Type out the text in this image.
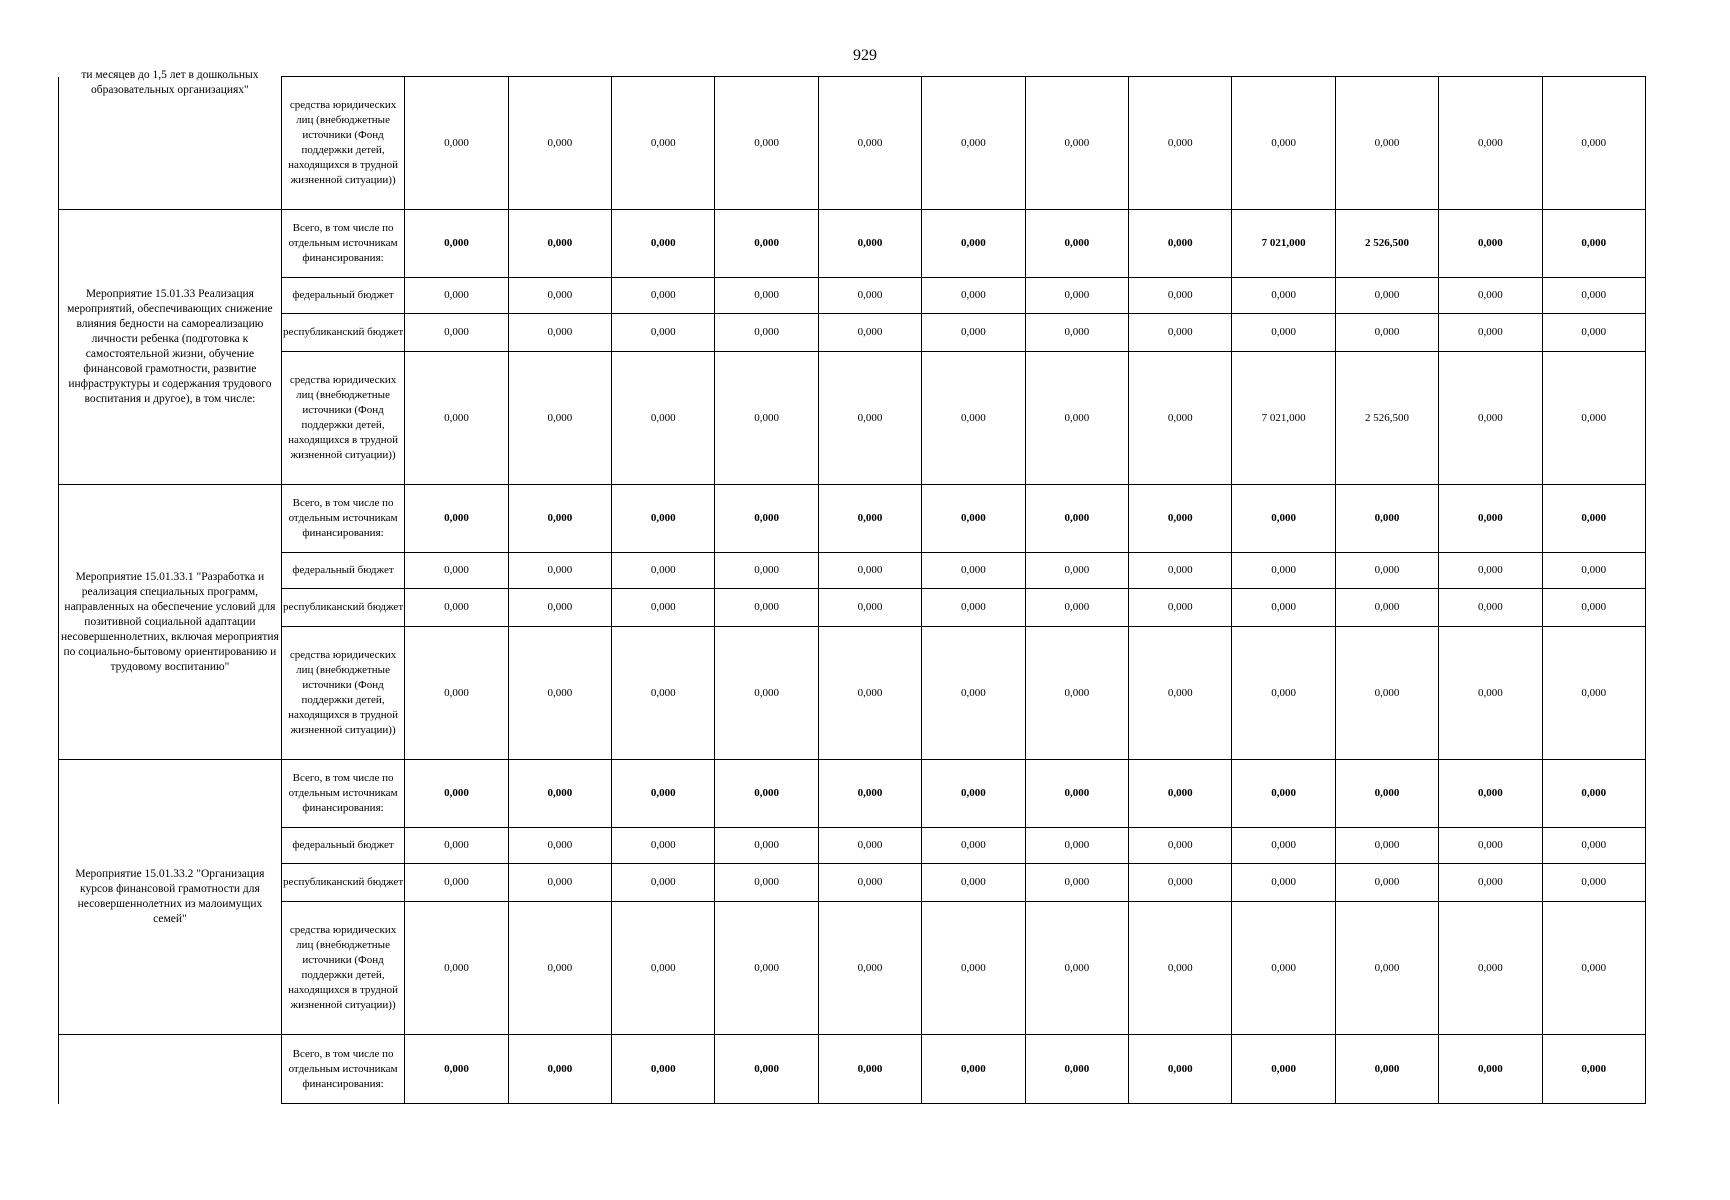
929
ти месяцев до 1,5 лет в дошкольных образовательных организациях"	средства юридических лиц (внебюджетные источники (Фонд поддержки детей, находящихся в трудной жизненной ситуации))	0,000	0,000	0,000	0,000	0,000	0,000	0,000	0,000	0,000	0,000	0,000	0,000
Мероприятие 15.01.33 Реализация мероприятий, обеспечивающих снижение влияния бедности на самореализацию личности ребенка (подготовка к самостоятельной жизни, обучение финансовой грамотности, развитие инфраструктуры и содержания трудового воспитания и другое), в том числе:	Всего, в том числе по отдельным источникам финансирования:	0,000	0,000	0,000	0,000	0,000	0,000	0,000	0,000	7 021,000	2 526,500	0,000	0,000
	федеральный бюджет	0,000	0,000	0,000	0,000	0,000	0,000	0,000	0,000	0,000	0,000	0,000	0,000
	республиканский бюджет	0,000	0,000	0,000	0,000	0,000	0,000	0,000	0,000	0,000	0,000	0,000	0,000
	средства юридических лиц (внебюджетные источники (Фонд поддержки детей, находящихся в трудной жизненной ситуации))	0,000	0,000	0,000	0,000	0,000	0,000	0,000	0,000	7 021,000	2 526,500	0,000	0,000
Мероприятие 15.01.33.1 "Разработка и реализация специальных программ, направленных на обеспечение условий для позитивной социальной адаптации несовершеннолетних, включая мероприятия по социально-бытовому ориентированию и трудовому воспитанию"	Всего, в том числе по отдельным источникам финансирования:	0,000	0,000	0,000	0,000	0,000	0,000	0,000	0,000	0,000	0,000	0,000	0,000
	федеральный бюджет	0,000	0,000	0,000	0,000	0,000	0,000	0,000	0,000	0,000	0,000	0,000	0,000
	республиканский бюджет	0,000	0,000	0,000	0,000	0,000	0,000	0,000	0,000	0,000	0,000	0,000	0,000
	средства юридических лиц (внебюджетные источники (Фонд поддержки детей, находящихся в трудной жизненной ситуации))	0,000	0,000	0,000	0,000	0,000	0,000	0,000	0,000	0,000	0,000	0,000	0,000
Мероприятие 15.01.33.2 "Организация курсов финансовой грамотности для несовершеннолетних из малоимущих семей"	Всего, в том числе по отдельным источникам финансирования:	0,000	0,000	0,000	0,000	0,000	0,000	0,000	0,000	0,000	0,000	0,000	0,000
	федеральный бюджет	0,000	0,000	0,000	0,000	0,000	0,000	0,000	0,000	0,000	0,000	0,000	0,000
	республиканский бюджет	0,000	0,000	0,000	0,000	0,000	0,000	0,000	0,000	0,000	0,000	0,000	0,000
	средства юридических лиц (внебюджетные источники (Фонд поддержки детей, находящихся в трудной жизненной ситуации))	0,000	0,000	0,000	0,000	0,000	0,000	0,000	0,000	0,000	0,000	0,000	0,000
	Всего, в том числе по отдельным источникам финансирования:	0,000	0,000	0,000	0,000	0,000	0,000	0,000	0,000	0,000	0,000	0,000	0,000
